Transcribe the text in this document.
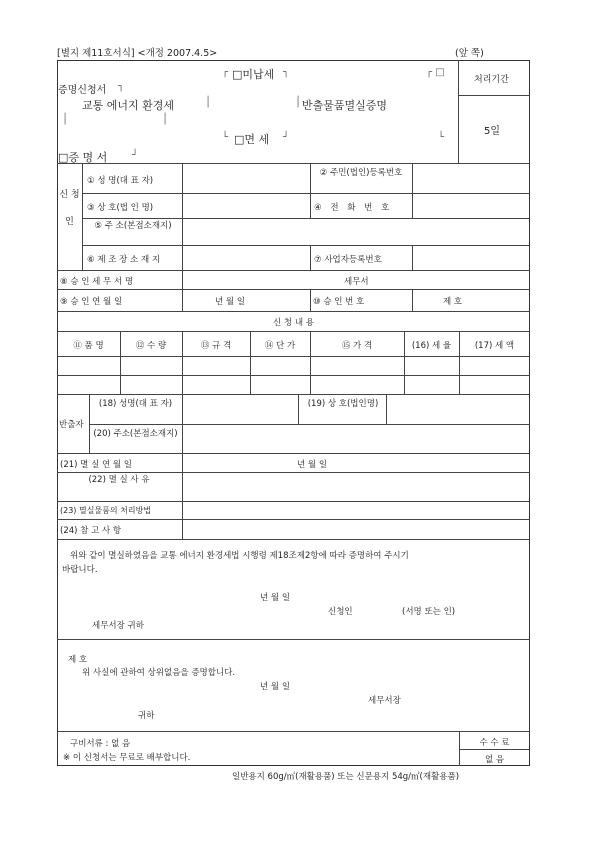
[별지 제11호서식] <개정 2007.4.5>	(앞 쪽)
┌ □미납세 ┐	┌ □
증명신청서 ┐
교통 에너지 환경세	│	│ 반출물품멸실증명
│	│
└ □면 세 ┘	└
□증 명 서 ┘
처리기간
5일
신 청 인
① 성 명(대 표 자)
② 주민(법인)등록번호
③ 상 호(법 인 명)	④ 전 화 번 호
⑤ 주 소(본점소재지)
⑥ 제 조 장 소 재 지	⑦ 사업자등록번호
⑧ 승 인 세 무 서 명	세무서
⑨ 승 인 연 월 일	년 월 일	⑩ 승 인 번 호	제 호
신 청 내 용
⑪ 품 명	⑫ 수 량	⑬ 규 격	⑭ 단 가	⑮ 가 격	(16) 세 율	(17) 세 액
반출자
(18) 성명(대 표 자)	(19) 상 호(법인명)
(20) 주소(본점소재지)
(21) 멸 실 연 월 일	년 월 일
(22) 멸 실 사 유
(23) 멸실물품의 처리방법
(24) 참 고 사 항
위와 같이 멸실하였음을 교통 에너지 환경세법 시행령 제18조제2항에 따라 증명하여 주시기
바랍니다.
년 월 일
신청인	(서명 또는 인)
세무서장 귀하
제 호
위 사실에 관하여 상위없음을 증명합니다.
년 월 일
세무서장
귀하
구비서류 : 없 음
※ 이 신청서는 무료로 배부합니다.
수 수 료
없 음
일반용지 60g/㎡(재활용품) 또는 신문용지 54g/㎡(재활용품)
